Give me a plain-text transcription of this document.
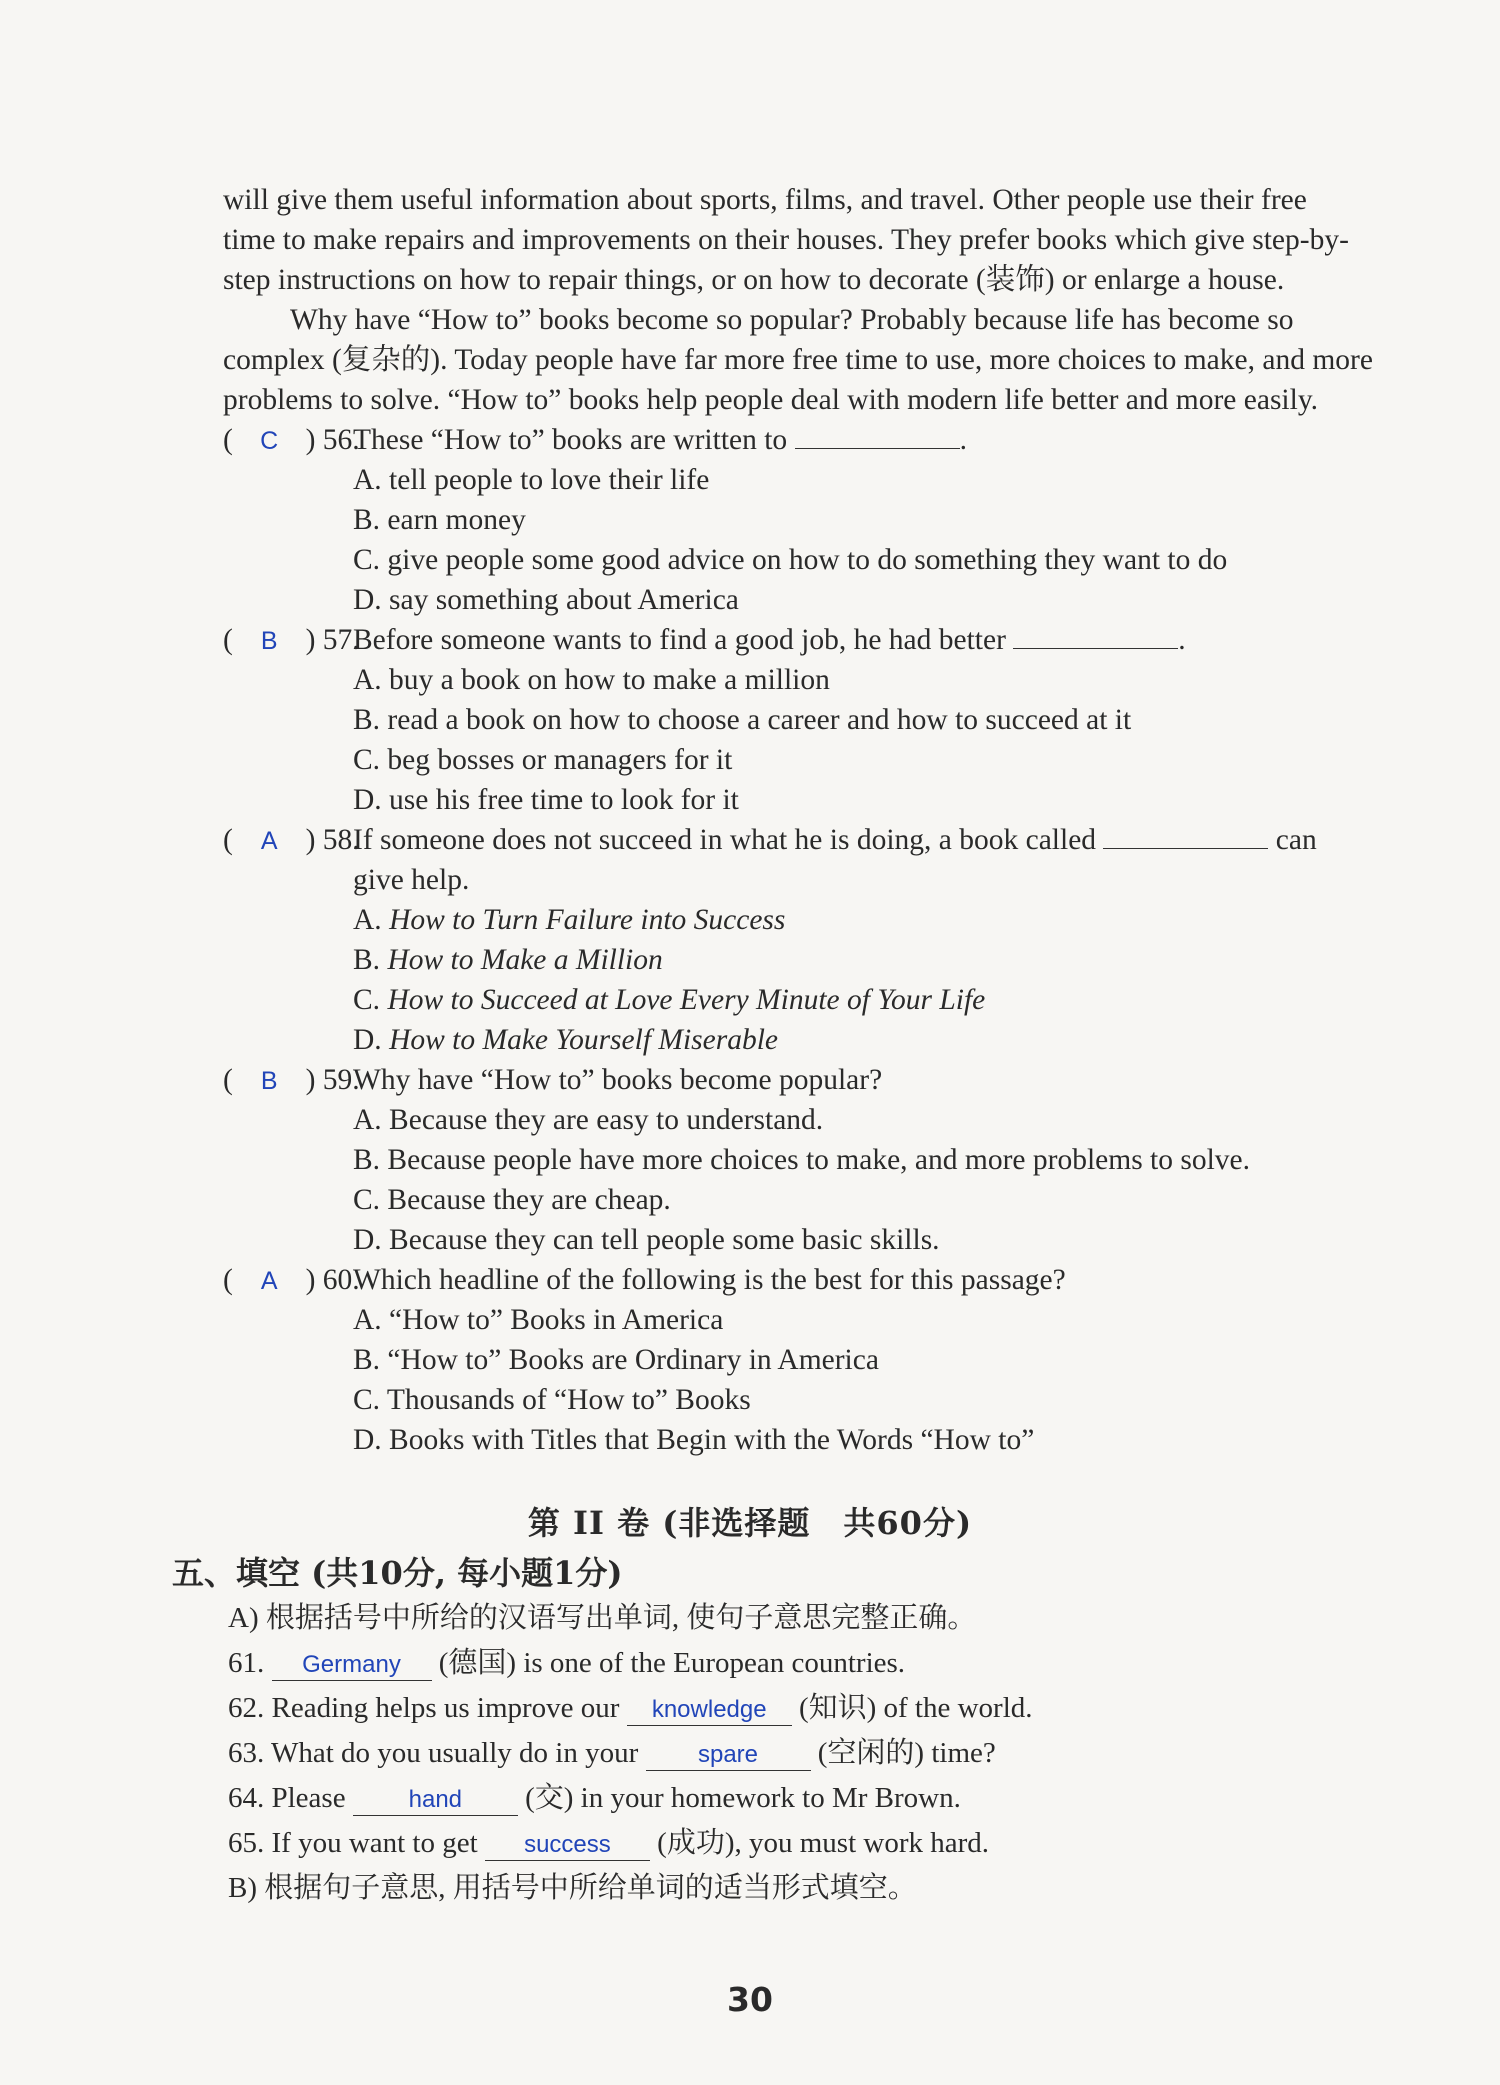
will give them useful information about sports, films, and travel. Other people use their free

time to make repairs and improvements on their houses. They prefer books which give step-by-

step instructions on how to repair things, or on how to decorate (装饰) or enlarge a house.

Why have “How to” books become so popular? Probably because life has become so

complex (复杂的). Today people have far more free time to use, more choices to make, and more

problems to solve. “How to” books help people deal with modern life better and more easily.

( C ) 56.These “How to” books are written to	.
A. tell people to love their life
B. earn money
C. give people some good advice on how to do something they want to do
D. say something about America
( B ) 57.Before someone wants to find a good job, he had better	.
A. buy a book on how to make a million
B. read a book on how to choose a career and how to succeed at it
C. beg bosses or managers for it
D. use his free time to look for it
( A ) 58.If someone does not succeed in what he is doing, a book called	can
give help.
A. How to Turn Failure into Success
B. How to Make a Million
C. How to Succeed at Love Every Minute of Your Life
D. How to Make Yourself Miserable
( B ) 59.Why have “How to” books become popular?
A. Because they are easy to understand.
B. Because people have more choices to make, and more problems to solve.
C. Because they are cheap.
D. Because they can tell people some basic skills.
( A ) 60.Which headline of the following is the best for this passage?
A. “How to” Books in America
B. “How to” Books are Ordinary in America
C. Thousands of “How to” Books
D. Books with Titles that Begin with the Words “How to”
第 II 卷 (非选择题　共60分)
五、填空 (共10分, 每小题1分)
A) 根据括号中所给的汉语写出单词, 使句子意思完整正确。
61. Germany (德国) is one of the European countries.
62. Reading helps us improve our knowledge (知识) of the world.
63. What do you usually do in your spare (空闲的) time?
64. Please hand (交) in your homework to Mr Brown.
65. If you want to get success (成功), you must work hard.
B) 根据句子意思, 用括号中所给单词的适当形式填空。
30
